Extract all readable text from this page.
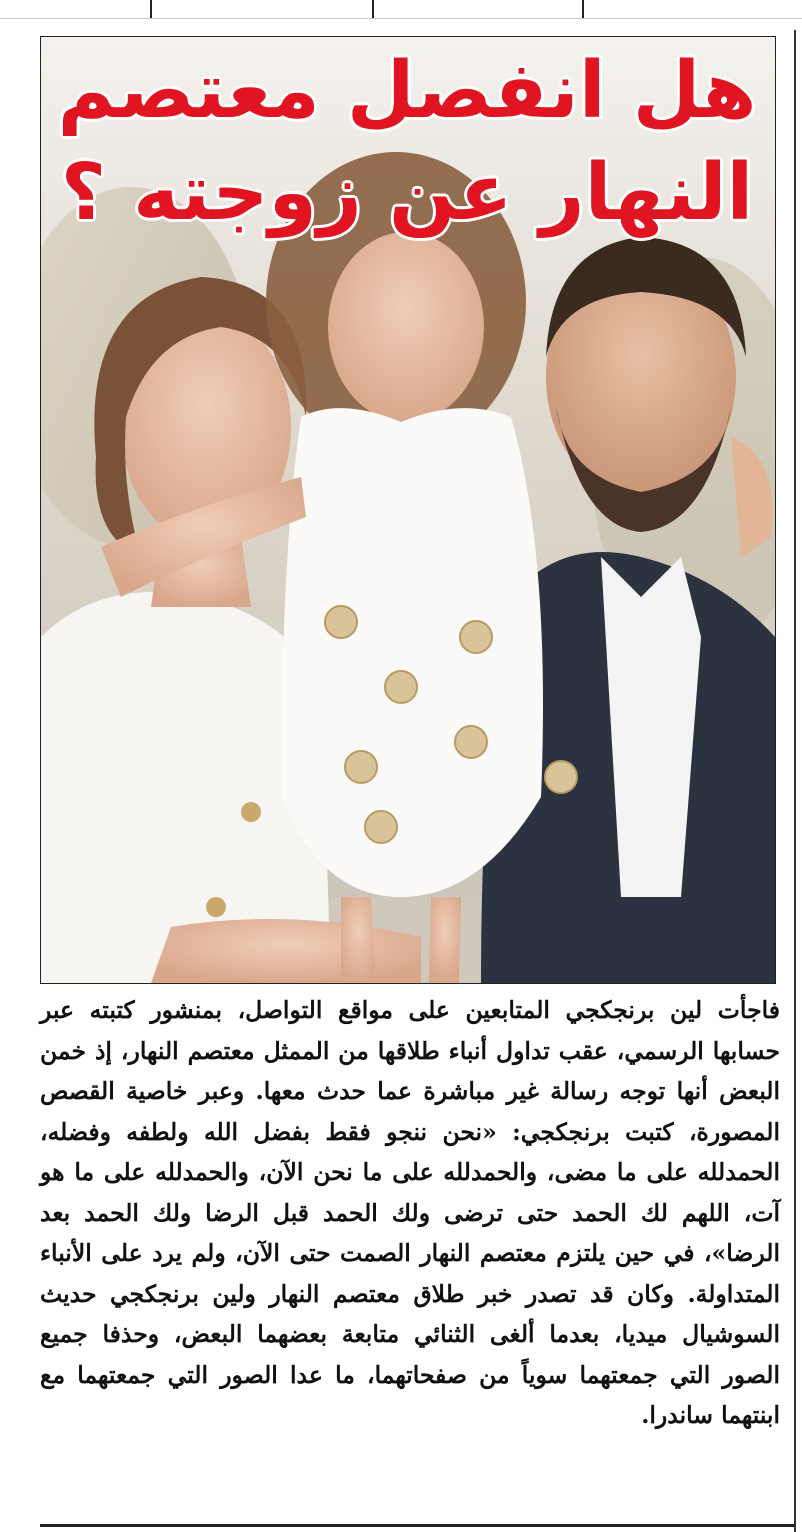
هل انفصل معتصم
النهار عن زوجته ؟
فاجأت لين برنجكجي المتابعين على مواقع التواصل، بمنشور كتبته عبر حسابها الرسمي، عقب تداول أنباء طلاقها من الممثل معتصم النهار، إذ خمن البعض أنها توجه رسالة غير مباشرة عما حدث معها. وعبر خاصية القصص المصورة، كتبت برنجكجي: «نحن ننجو فقط بفضل الله ولطفه وفضله، الحمدلله على ما مضى، والحمدلله على ما نحن الآن، والحمدلله على ما هو آت، اللهم لك الحمد حتى ترضى ولك الحمد قبل الرضا ولك الحمد بعد الرضا»، في حين يلتزم معتصم النهار الصمت حتى الآن، ولم يرد على الأنباء المتداولة. وكان قد تصدر خبر طلاق معتصم النهار ولين برنجكجي حديث السوشيال ميديا، بعدما ألغى الثنائي متابعة بعضهما البعض، وحذفا جميع الصور التي جمعتهما سوياً من صفحاتهما، ما عدا الصور التي جمعتهما مع ابنتهما ساندرا.
